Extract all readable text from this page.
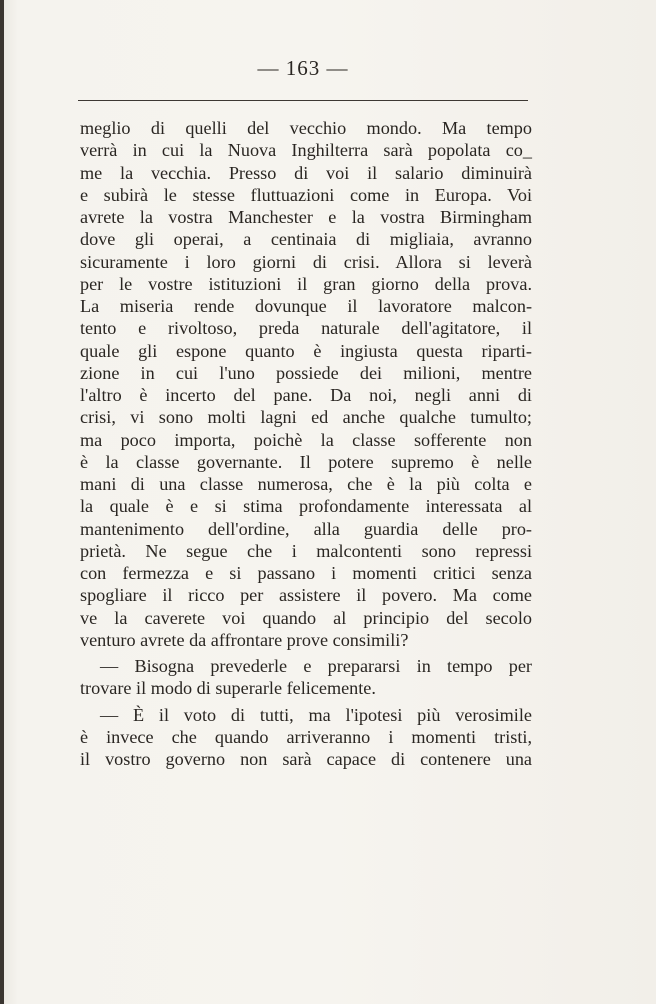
— 163 —
meglio di quelli del vecchio mondo. Ma tempo
verrà in cui la Nuova Inghilterra sarà popolata co_
me la vecchia. Presso di voi il salario diminuirà
e subirà le stesse fluttuazioni come in Europa. Voi
avrete la vostra Manchester e la vostra Birmingham
dove gli operai, a centinaia di migliaia, avranno
sicuramente i loro giorni di crisi. Allora si leverà
per le vostre istituzioni il gran giorno della prova.
La miseria rende dovunque il lavoratore malcon-
tento e rivoltoso, preda naturale dell'agitatore, il
quale gli espone quanto è ingiusta questa riparti-
zione in cui l'uno possiede dei milioni, mentre
l'altro è incerto del pane. Da noi, negli anni di
crisi, vi sono molti lagni ed anche qualche tumulto;
ma poco importa, poichè la classe sofferente non
è la classe governante. Il potere supremo è nelle
mani di una classe numerosa, che è la più colta e
la quale è e si stima profondamente interessata al
mantenimento dell'ordine, alla guardia delle pro-
prietà. Ne segue che i malcontenti sono repressi
con fermezza e si passano i momenti critici senza
spogliare il ricco per assistere il povero. Ma come
ve la caverete voi quando al principio del secolo
venturo avrete da affrontare prove consimili?
— Bisogna prevederle e prepararsi in tempo per
trovare il modo di superarle felicemente.
— È il voto di tutti, ma l'ipotesi più verosimile
è invece che quando arriveranno i momenti tristi,
il vostro governo non sarà capace di contenere una
